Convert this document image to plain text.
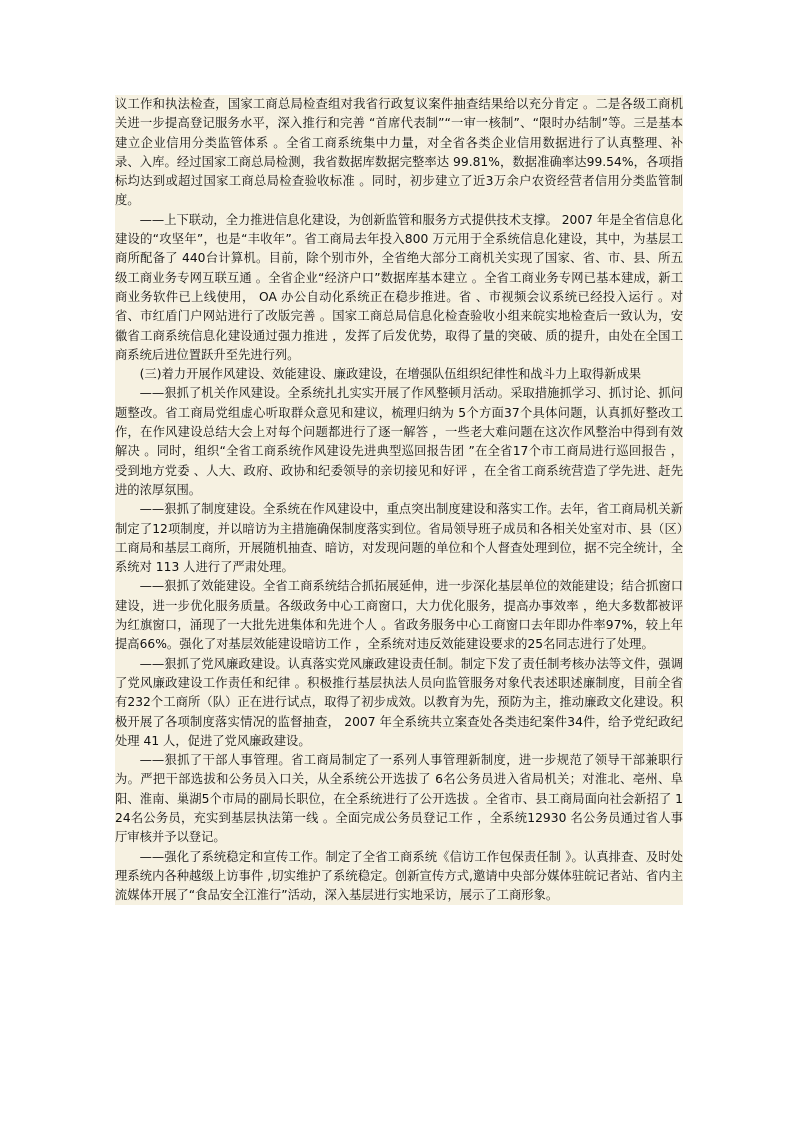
议工作和执法检查，国家工商总局检查组对我省行政复议案件抽查结果给以充分肯定 。二是各级工商机关进一步提高登记服务水平，深入推行和完善 “首席代表制”“一审一核制”、“限时办结制”等。三是基本建立企业信用分类监管体系 。全省工商系统集中力量，对全省各类企业信用数据进行了认真整理、补录、入库。经过国家工商总局检测，我省数据库数据完整率达 99.81%，数据准确率达99.54%，各项指标均达到或超过国家工商总局检查验收标准 。同时，初步建立了近3万余户农资经营者信用分类监管制度。

——上下联动，全力推进信息化建设，为创新监管和服务方式提供技术支撑。 2007 年是全省信息化建设的“攻坚年”，也是“丰收年”。省工商局去年投入800 万元用于全系统信息化建设，其中，为基层工商所配备了 440台计算机。目前，除个别市外，全省绝大部分工商机关实现了国家、省、市、县、所五级工商业务专网互联互通 。全省企业“经济户口”数据库基本建立 。全省工商业务专网已基本建成，新工商业务软件已上线使用， OA 办公自动化系统正在稳步推进。省 、市视频会议系统已经投入运行 。对省、市红盾门户网站进行了改版完善 。国家工商总局信息化检查验收小组来皖实地检查后一致认为，安徽省工商系统信息化建设通过强力推进 ，发挥了后发优势，取得了量的突破、质的提升，由处在全国工商系统后进位置跃升至先进行列。

(三)着力开展作风建设、效能建设、廉政建设，在增强队伍组织纪律性和战斗力上取得新成果

——狠抓了机关作风建设。全系统扎扎实实开展了作风整顿月活动。采取措施抓学习、抓讨论、抓问题整改。省工商局党组虚心听取群众意见和建议，梳理归纳为 5个方面37个具体问题，认真抓好整改工作，在作风建设总结大会上对每个问题都进行了逐一解答 ，一些老大难问题在这次作风整治中得到有效解决 。同时，组织“全省工商系统作风建设先进典型巡回报告团 ”在全省17个市工商局进行巡回报告 ，受到地方党委 、人大、政府、政协和纪委领导的亲切接见和好评 ，在全省工商系统营造了学先进、赶先进的浓厚氛围。

——狠抓了制度建设。全系统在作风建设中，重点突出制度建设和落实工作。去年，省工商局机关新制定了12项制度，并以暗访为主措施确保制度落实到位。省局领导班子成员和各相关处室对市、县（区）工商局和基层工商所，开展随机抽查、暗访，对发现问题的单位和个人督查处理到位，据不完全统计，全系统对 113 人进行了严肃处理。

——狠抓了效能建设。全省工商系统结合抓拓展延伸，进一步深化基层单位的效能建设；结合抓窗口建设，进一步优化服务质量。各级政务中心工商窗口，大力优化服务，提高办事效率 ，绝大多数都被评为红旗窗口，涌现了一大批先进集体和先进个人 。省政务服务中心工商窗口去年即办件率97%，较上年提高66%。强化了对基层效能建设暗访工作 ，全系统对违反效能建设要求的25名同志进行了处理。

——狠抓了党风廉政建设。认真落实党风廉政建设责任制。制定下发了责任制考核办法等文件，强调了党风廉政建设工作责任和纪律 。积极推行基层执法人员向监管服务对象代表述职述廉制度，目前全省有232个工商所（队）正在进行试点，取得了初步成效。以教育为先，预防为主，推动廉政文化建设。积极开展了各项制度落实情况的监督抽查， 2007 年全系统共立案查处各类违纪案件34件，给予党纪政纪处理 41 人，促进了党风廉政建设。

——狠抓了干部人事管理。省工商局制定了一系列人事管理新制度，进一步规范了领导干部兼职行为。严把干部选拔和公务员入口关，从全系统公开选拔了 6名公务员进入省局机关；对淮北、亳州、阜阳、淮南、巢湖5个市局的副局长职位，在全系统进行了公开选拔 。全省市、县工商局面向社会新招了 124名公务员，充实到基层执法第一线 。全面完成公务员登记工作 ，全系统12930 名公务员通过省人事厅审核并予以登记。

——强化了系统稳定和宣传工作。制定了全省工商系统《信访工作包保责任制 》。认真排查、及时处理系统内各种越级上访事件 ,切实维护了系统稳定。创新宣传方式,邀请中央部分媒体驻皖记者站、省内主流媒体开展了“食品安全江淮行”活动，深入基层进行实地采访，展示了工商形象。
